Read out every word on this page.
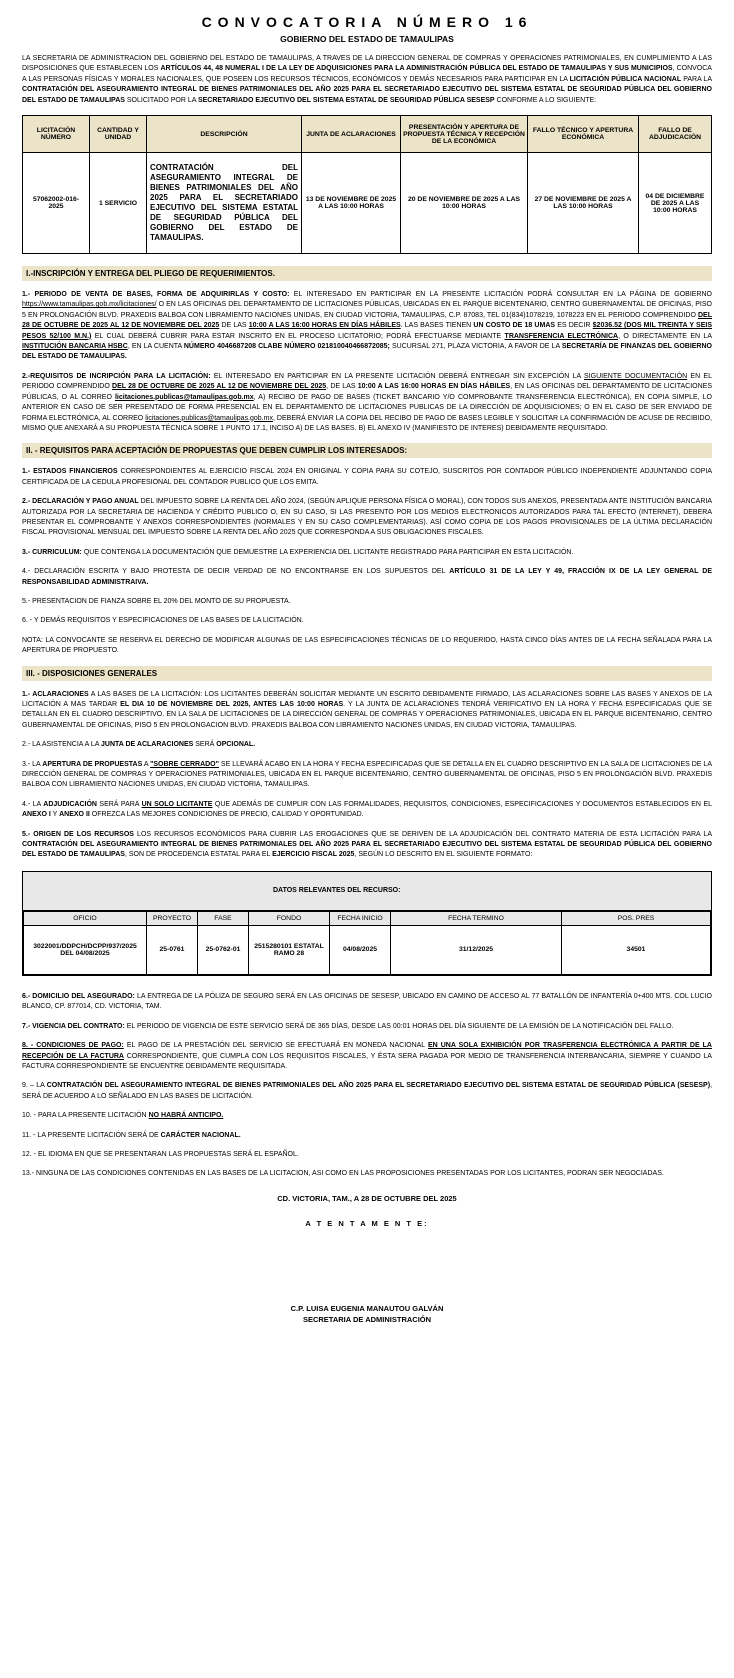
CONVOCATORIA NÚMERO 16
GOBIERNO DEL ESTADO DE TAMAULIPAS

LA SECRETARIA DE ADMINISTRACION DEL GOBIERNO DEL ESTADO DE TAMAULIPAS, A TRAVES DE LA DIRECCION GENERAL DE COMPRAS Y OPERACIONES PATRIMONIALES, EN CUMPLIMIENTO A LAS DISPOSICIONES QUE ESTABLECEN LOS ARTÍCULOS 44, 48 NUMERAL I DE LA LEY DE ADQUISICIONES PARA LA ADMINISTRACIÓN PÚBLICA DEL ESTADO DE TAMAULIPAS Y SUS MUNICIPIOS, CONVOCA A LAS PERSONAS FÍSICAS Y MORALES NACIONALES, QUE POSEEN LOS RECURSOS TÉCNICOS, ECONÓMICOS Y DEMÁS NECESARIOS PARA PARTICIPAR EN LA LICITACIÓN PÚBLICA NACIONAL PARA LA CONTRATACIÓN DEL ASEGURAMIENTO INTEGRAL DE BIENES PATRIMONIALES DEL AÑO 2025 PARA EL SECRETARIADO EJECUTIVO DEL SISTEMA ESTATAL DE SEGURIDAD PÚBLICA DEL GOBIERNO DEL ESTADO DE TAMAULIPAS SOLICITADO POR LA SECRETARIADO EJECUTIVO DEL SISTEMA ESTATAL DE SEGURIDAD PÚBLICA SESESP CONFORME A LO SIGUIENTE:

LICITACIÓN NÚMERO	CANTIDAD Y UNIDAD	DESCRIPCIÓN	JUNTA DE ACLARACIONES	PRESENTACIÓN Y APERTURA DE PROPUESTA TÉCNICA Y RECEPCIÓN DE LA ECONÓMICA	FALLO TÉCNICO Y APERTURA ECONÓMICA	FALLO DE ADJUDICACIÓN
57062002-016-2025	1 SERVICIO	CONTRATACIÓN DEL ASEGURAMIENTO INTEGRAL DE BIENES PATRIMONIALES DEL AÑO 2025 PARA EL SECRETARIADO EJECUTIVO DEL SISTEMA ESTATAL DE SEGURIDAD PÚBLICA DEL GOBIERNO DEL ESTADO DE TAMAULIPAS.	13 DE NOVIEMBRE DE 2025 A LAS 10:00 HORAS	20 DE NOVIEMBRE DE 2025 A LAS 10:00 HORAS	27 DE NOVIEMBRE DE 2025 A LAS 10:00 HORAS	04 DE DICIEMBRE DE 2025 A LAS 10:00 HORAS
I.-INSCRIPCIÓN Y ENTREGA DEL PLIEGO DE REQUERIMIENTOS.

1.- PERIODO DE VENTA DE BASES, FORMA DE ADQUIRIRLAS Y COSTO: EL INTERESADO EN PARTICIPAR EN LA PRESENTE LICITACIÓN PODRÁ CONSULTAR EN LA PÁGINA DE GOBIERNO https://www.tamaulipas.gob.mx/licitaciones/ O EN LAS OFICINAS DEL DEPARTAMENTO DE LICITACIONES PÚBLICAS, UBICADAS EN EL PARQUE BICENTENARIO, CENTRO GUBERNAMENTAL DE OFICINAS, PISO 5 EN PROLONGACIÓN BLVD. PRAXEDIS BALBOA CON LIBRAMIENTO NACIONES UNIDAS, EN CIUDAD VICTORIA, TAMAULIPAS, C.P. 87083, TEL 01(834)1078219, 1078223 EN EL PERIODO COMPRENDIDO DEL 28 DE OCTUBRE DE 2025 AL 12 DE NOVIEMBRE DEL 2025 DE LAS 10:00 A LAS 16:00 HORAS EN DÍAS HÁBILES. LAS BASES TIENEN UN COSTO DE 18 UMAS ES DECIR $2036.52 (DOS MIL TREINTA Y SEIS PESOS 52/100 M.N.) EL CUAL DEBERÁ CUBRIR PARA ESTAR INSCRITO EN EL PROCESO LICITATORIO; PODRÁ EFECTUARSE MEDIANTE TRANSFERENCIA ELECTRÓNICA, O DIRECTAMENTE EN LA INSTITUCIÓN BANCARIA HSBC, EN LA CUENTA NÚMERO 4046687208 CLABE NÚMERO 021810040466872085; SUCURSAL 271, PLAZA VICTORIA, A FAVOR DE LA SECRETARÍA DE FINANZAS DEL GOBIERNO DEL ESTADO DE TAMAULIPAS.

2.-REQUISITOS DE INCRIPCIÓN PARA LA LICITACIÓN: EL INTERESADO EN PARTICIPAR EN LA PRESENTE LICITACIÓN DEBERÁ ENTREGAR SIN EXCEPCIÓN LA SIGUIENTE DOCUMENTACIÓN EN EL PERIODO COMPRENDIDO DEL 28 DE OCTUBRE DE 2025 AL 12 DE NOVIEMBRE DEL 2025, DE LAS 10:00 A LAS 16:00 HORAS EN DÍAS HÁBILES, EN LAS OFICINAS DEL DEPARTAMENTO DE LICITACIONES PÚBLICAS, O AL CORREO licitaciones.publicas@tamaulipas.gob.mx, A) RECIBO DE PAGO DE BASES (TICKET BANCARIO Y/O COMPROBANTE TRANSFERENCIA ELECTRÓNICA), EN COPIA SIMPLE, LO ANTERIOR EN CASO DE SER PRESENTADO DE FORMA PRESENCIAL EN EL DEPARTAMENTO DE LICITACIONES PUBLICAS DE LA DIRECCIÓN DE ADQUISICIONES; O EN EL CASO DE SER ENVIADO DE FORMA ELECTRÓNICA, AL CORREO licitaciones.publicas@tamaulipas.gob.mx, DEBERÁ ENVIAR LA COPIA DEL RECIBO DE PAGO DE BASES LEGIBLE Y SOLICITAR LA CONFIRMACIÓN DE ACUSE DE RECIBIDO, MISMO QUE ANEXARÁ A SU PROPUESTA TÉCNICA SOBRE 1 PUNTO 17.1, INCISO A) DE LAS BASES. B) EL ANEXO IV (MANIFIESTO DE INTERES) DEBIDAMENTE REQUISITADO.

II. - REQUISITOS PARA ACEPTACIÓN DE PROPUESTAS QUE DEBEN CUMPLIR LOS INTERESADOS:

1.- ESTADOS FINANCIEROS CORRESPONDIENTES AL EJERCICIO FISCAL 2024 EN ORIGINAL Y COPIA PARA SU COTEJO, SUSCRITOS POR CONTADOR PÚBLICO INDEPENDIENTE ADJUNTANDO COPIA CERTIFICADA DE LA CEDULA PROFESIONAL DEL CONTADOR PUBLICO QUE LOS EMITA.

2.- DECLARACIÓN Y PAGO ANUAL DEL IMPUESTO SOBRE LA RENTA DEL AÑO 2024, (SEGÚN APLIQUE PERSONA FÍSICA O MORAL), CON TODOS SUS ANEXOS, PRESENTADA ANTE INSTITUCIÓN BANCARIA AUTORIZADA POR LA SECRETARIA DE HACIENDA Y CRÉDITO PUBLICO O, EN SU CASO, SI LAS PRESENTO POR LOS MEDIOS ELECTRONICOS AUTORIZADOS PARA TAL EFECTO (INTERNET), DEBERA PRESENTAR EL COMPROBANTE Y ANEXOS CORRESPONDIENTES (NORMALES Y EN SU CASO COMPLEMENTARIAS). ASÍ COMO COPIA DE LOS PAGOS PROVISIONALES DE LA ÚLTIMA DECLARACIÓN FISCAL PROVISIONAL MENSUAL DEL IMPUESTO SOBRE LA RENTA DEL AÑO 2025 QUE CORRESPONDA A SUS OBLIGACIONES FISCALES.

3.- CURRICULUM: QUE CONTENGA LA DOCUMENTACIÓN QUE DEMUESTRE LA EXPERIENCIA DEL LICITANTE REGISTRADO PARA PARTICIPAR EN ESTA LICITACIÓN.

4.- DECLARACIÓN ESCRITA Y BAJO PROTESTA DE DECIR VERDAD DE NO ENCONTRARSE EN LOS SUPUESTOS DEL ARTÍCULO 31 DE LA LEY Y 49, FRACCIÓN IX DE LA LEY GENERAL DE RESPONSABILIDAD ADMINISTRAIVA.

5.- PRESENTACION DE FIANZA SOBRE EL 20% DEL MONTO DE SU PROPUESTA.

6. - Y DEMÁS REQUISITOS Y ESPECIFICACIONES DE LAS BASES DE LA LICITACIÓN.

NOTA: LA CONVOCANTE SE RESERVA EL DERECHO DE MODIFICAR ALGUNAS DE LAS ESPECIFICACIONES TÉCNICAS DE LO REQUERIDO, HASTA CINCO DÍAS ANTES DE LA FECHA SEÑALADA PARA LA APERTURA DE PROPUESTO.

III. - DISPOSICIONES GENERALES

1.- ACLARACIONES A LAS BASES DE LA LICITACIÓN: LOS LICITANTES DEBERÁN SOLICITAR MEDIANTE UN ESCRITO DEBIDAMENTE FIRMADO, LAS ACLARACIONES SOBRE LAS BASES Y ANEXOS DE LA LICITACIÓN A MAS TARDAR EL DIA 10 DE NOVIEMBRE DEL 2025, ANTES LAS 10:00 HORAS. Y LA JUNTA DE ACLARACIONES TENDRÁ VERIFICATIVO EN LA HORA Y FECHA ESPECIFICADAS QUE SE DETALLAN EN EL CUADRO DESCRIPTIVO. EN LA SALA DE LICITACIONES DE LA DIRECCIÓN GENERAL DE COMPRAS Y OPERACIONES PATRIMONIALES, UBICADA EN EL PARQUE BICENTENARIO, CENTRO GUBERNAMENTAL DE OFICINAS, PISO 5 EN PROLONGACION BLVD. PRAXEDIS BALBOA CON LIBRAMIENTO NACIONES UNIDAS, EN CIUDAD VICTORIA, TAMAULIPAS.

2.- LA ASISTENCIA A LA JUNTA DE ACLARACIONES SERÁ OPCIONAL.

3.- LA APERTURA DE PROPUESTAS A "SOBRE CERRADO" SE LLEVARÁ ACABO EN LA HORA Y FECHA ESPECIFICADAS QUE SE DETALLA EN EL CUADRO DESCRIPTIVO EN LA SALA DE LICITACIONES DE LA DIRECCIÓN GENERAL DE COMPRAS Y OPERACIONES PATRIMONIALES, UBICADA EN EL PARQUE BICENTENARIO, CENTRO GUBERNAMENTAL DE OFICINAS, PISO 5 EN PROLONGACIÓN BLVD. PRAXEDIS BALBOA CON LIBRAMIENTO NACIONES UNIDAS, EN CIUDAD VICTORIA, TAMAULIPAS.

4.- LA ADJUDICACIÓN SERÁ PARA UN SOLO LICITANTE QUE ADEMÁS DE CUMPLIR CON LAS FORMALIDADES, REQUISITOS, CONDICIONES, ESPECIFICACIONES Y DOCUMENTOS ESTABLECIDOS EN EL ANEXO I Y ANEXO II OFREZCA LAS MEJORES CONDICIONES DE PRECIO, CALIDAD Y OPORTUNIDAD.

5.- ORIGEN DE LOS RECURSOS LOS RECURSOS ECONÓMICOS PARA CUBRIR LAS EROGACIONES QUE SE DERIVEN DE LA ADJUDICACIÓN DEL CONTRATO MATERIA DE ESTA LICITACIÓN PARA LA CONTRATACIÓN DEL ASEGURAMIENTO INTEGRAL DE BIENES PATRIMONIALES DEL AÑO 2025 PARA EL SECRETARIADO EJECUTIVO DEL SISTEMA ESTATAL DE SEGURIDAD PÚBLICA DEL GOBIERNO DEL ESTADO DE TAMAULIPAS, SON DE PROCEDENCIA ESTATAL PARA EL EJERCICIO FISCAL 2025, SEGÚN LO DESCRITO EN EL SIGUIENTE FORMATO:

DATOS RELEVANTES DEL RECURSO:
OFICIO	PROYECTO	FASE	FONDO	FECHA INICIO	FECHA TERMINO	POS. PRES
3022001/DDPCH/DCPP/937/2025 DEL 04/08/2025	25-0761	25-0762-01	2515280101 ESTATAL RAMO 28	04/08/2025	31/12/2025	34501

6.- DOMICILIO DEL ASEGURADO: LA ENTREGA DE LA PÓLIZA DE SEGURO SERÁ EN LAS OFICINAS DE SESESP, UBICADO EN CAMINO DE ACCESO AL 77 BATALLÓN DE INFANTERÍA 0+400 MTS. COL LUCIO BLANCO, CP. 877014, CD. VICTORIA, TAM.

7.- VIGENCIA DEL CONTRATO: EL PERIODO DE VIGENCIA DE ESTE SERVICIO SERÁ DE 365 DÍAS, DESDE LAS 00:01 HORAS DEL DÍA SIGUIENTE DE LA EMISIÓN DE LA NOTIFICACIÓN DEL FALLO.

8. - CONDICIONES DE PAGO: EL PAGO DE LA PRESTACIÓN DEL SERVICIO SE EFECTUARÁ EN MONEDA NACIONAL EN UNA SOLA EXHIBICIÓN POR TRASFERENCIA ELECTRÓNICA A PARTIR DE LA RECEPCIÓN DE LA FACTURA CORRESPONDIENTE, QUE CUMPLA CON LOS REQUISITOS FISCALES, Y ÉSTA SERA PAGADA POR MEDIO DE TRANSFERENCIA INTERBANCARIA, SIEMPRE Y CUANDO LA FACTURA CORRESPONDIENTE SE ENCUENTRE DEBIDAMENTE REQUISITADA.

9. – LA CONTRATACIÓN DEL ASEGURAMIENTO INTEGRAL DE BIENES PATRIMONIALES DEL AÑO 2025 PARA EL SECRETARIADO EJECUTIVO DEL SISTEMA ESTATAL DE SEGURIDAD PÚBLICA (SESESP), SERÁ DE ACUERDO A LO SEÑALADO EN LAS BASES DE LICITACIÓN.

10. - PARA LA PRESENTE LICITACIÓN NO HABRÁ ANTICIPO.

11. - LA PRESENTE LICITACIÓN SERÁ DE CARÁCTER NACIONAL.

12. - EL IDIOMA EN QUE SE PRESENTARAN LAS PROPUESTAS SERÁ EL ESPAÑOL.

13.- NINGUNA DE LAS CONDICIONES CONTENIDAS EN LAS BASES DE LA LICITACION, ASI COMO EN LAS PROPOSICIONES PRESENTADAS POR LOS LICITANTES, PODRAN SER NEGOCIADAS.

CD. VICTORIA, TAM., A 28 DE OCTUBRE DEL 2025

A T E N T A M E N T E:

C.P. LUISA EUGENIA MANAUTOU GALVÁN

SECRETARIA DE ADMINISTRACIÓN
